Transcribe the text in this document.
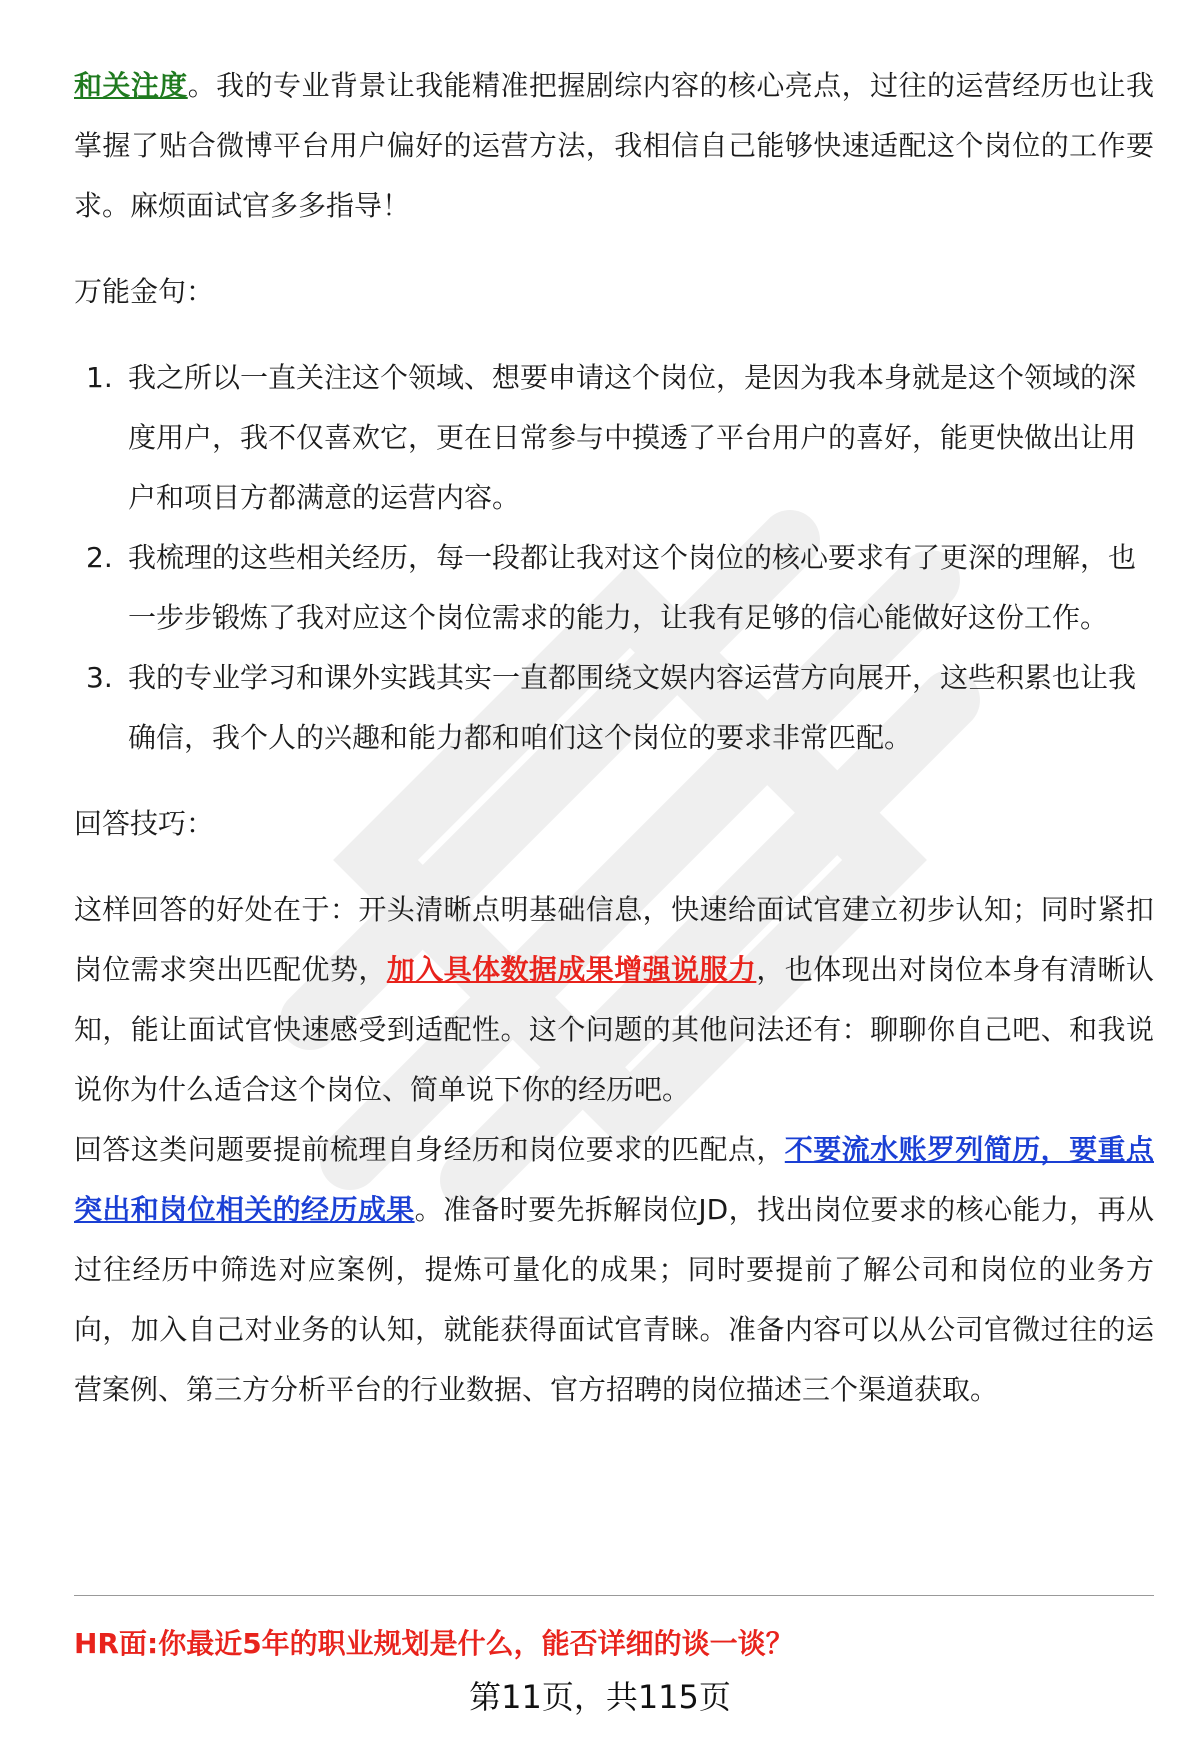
和关注度。我的专业背景让我能精准把握剧综内容的核心亮点，过往的运营经历也让我掌握了贴合微博平台用户偏好的运营方法，我相信自己能够快速适配这个岗位的工作要求。麻烦面试官多多指导！

万能金句：

1. 我之所以一直关注这个领域、想要申请这个岗位，是因为我本身就是这个领域的深度用户，我不仅喜欢它，更在日常参与中摸透了平台用户的喜好，能更快做出让用户和项目方都满意的运营内容。
2. 我梳理的这些相关经历，每一段都让我对这个岗位的核心要求有了更深的理解，也一步步锻炼了我对应这个岗位需求的能力，让我有足够的信心能做好这份工作。
3. 我的专业学习和课外实践其实一直都围绕文娱内容运营方向展开，这些积累也让我确信，我个人的兴趣和能力都和咱们这个岗位的要求非常匹配。

回答技巧：

这样回答的好处在于：开头清晰点明基础信息，快速给面试官建立初步认知；同时紧扣岗位需求突出匹配优势，加入具体数据成果增强说服力，也体现出对岗位本身有清晰认知，能让面试官快速感受到适配性。这个问题的其他问法还有：聊聊你自己吧、和我说说你为什么适合这个岗位、简单说下你的经历吧。

回答这类问题要提前梳理自身经历和岗位要求的匹配点，不要流水账罗列简历，要重点突出和岗位相关的经历成果。准备时要先拆解岗位JD，找出岗位要求的核心能力，再从过往经历中筛选对应案例，提炼可量化的成果；同时要提前了解公司和岗位的业务方向，加入自己对业务的认知，就能获得面试官青睐。准备内容可以从公司官微过往的运营案例、第三方分析平台的行业数据、官方招聘的岗位描述三个渠道获取。

HR面:你最近5年的职业规划是什么，能否详细的谈一谈？
第11页，共115页
